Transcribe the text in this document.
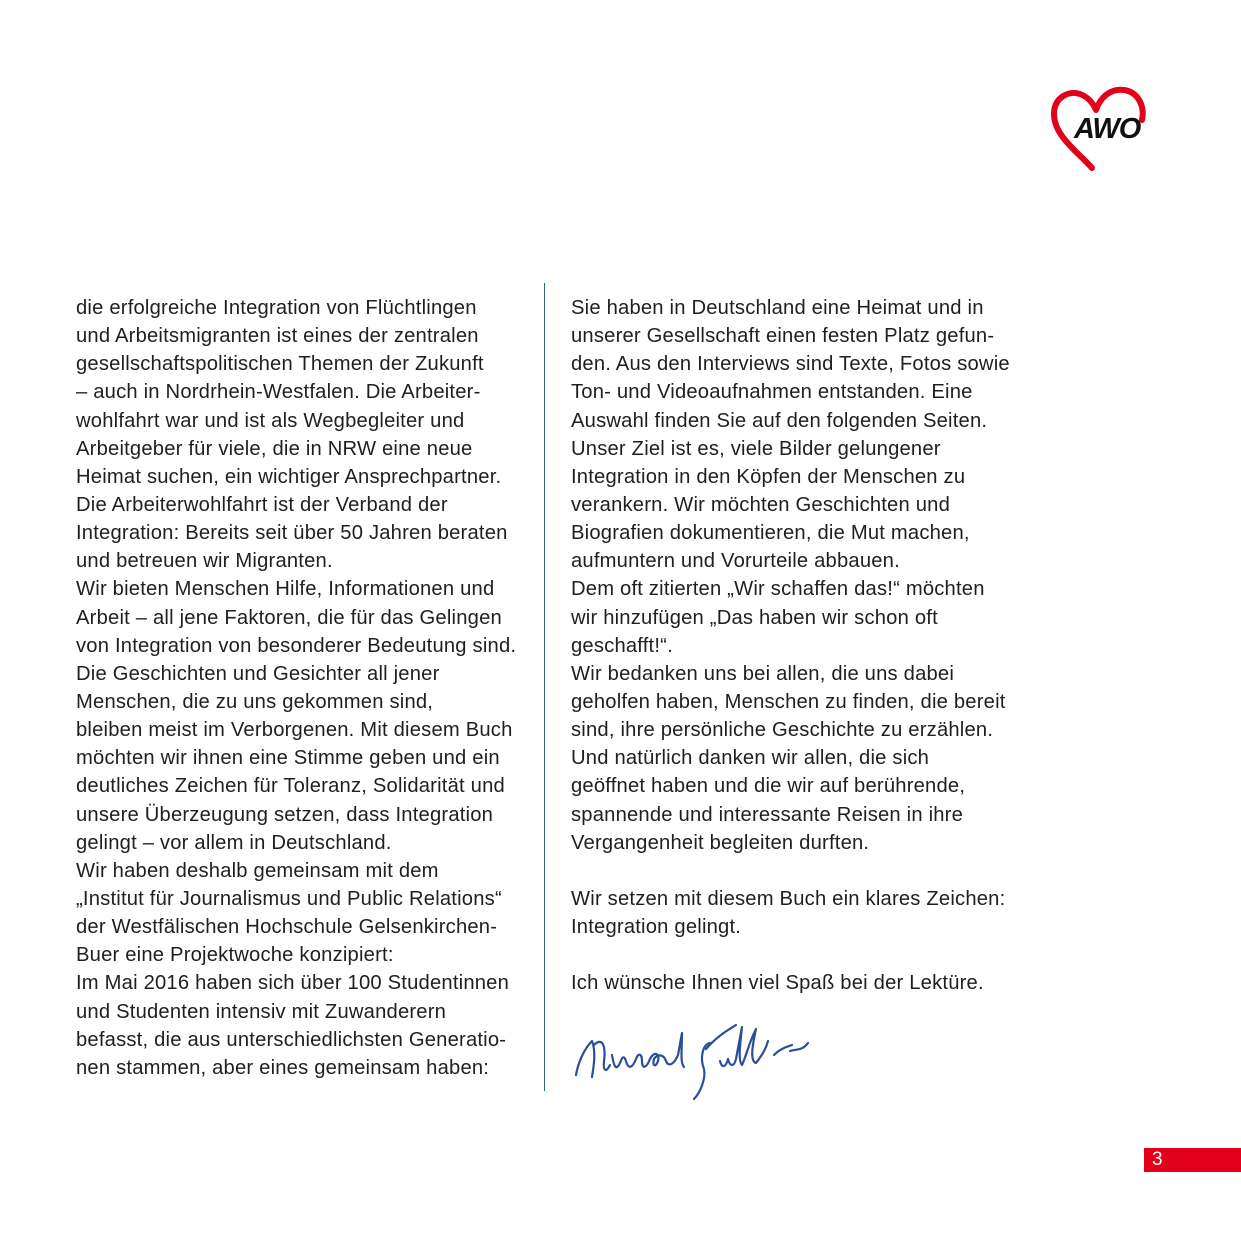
AWO
die erfolgreiche Integration von Flüchtlingen
und Arbeitsmigranten ist eines der zentralen
gesellschaftspolitischen Themen der Zukunft
– auch in Nordrhein-Westfalen. Die Arbeiter-
wohlfahrt war und ist als Wegbegleiter und
Arbeitgeber für viele, die in NRW eine neue
Heimat suchen, ein wichtiger Ansprechpartner.
Die Arbeiterwohlfahrt ist der Verband der
Integration: Bereits seit über 50 Jahren beraten
und betreuen wir Migranten.
Wir bieten Menschen Hilfe, Informationen und
Arbeit – all jene Faktoren, die für das Gelingen
von Integration von besonderer Bedeutung sind.
Die Geschichten und Gesichter all jener
Menschen, die zu uns gekommen sind,
bleiben meist im Verborgenen. Mit diesem Buch
möchten wir ihnen eine Stimme geben und ein
deutliches Zeichen für Toleranz, Solidarität und
unsere Überzeugung setzen, dass Integration
gelingt – vor allem in Deutschland.
Wir haben deshalb gemeinsam mit dem
„Institut für Journalismus und Public Relations“
der Westfälischen Hochschule Gelsenkirchen-
Buer eine Projektwoche konzipiert:
Im Mai 2016 haben sich über 100 Studentinnen
und Studenten intensiv mit Zuwanderern
befasst, die aus unterschiedlichsten Generatio-
nen stammen, aber eines gemeinsam haben:
Sie haben in Deutschland eine Heimat und in
unserer Gesellschaft einen festen Platz gefun-
den. Aus den Interviews sind Texte, Fotos sowie
Ton- und Videoaufnahmen entstanden. Eine
Auswahl finden Sie auf den folgenden Seiten.
Unser Ziel ist es, viele Bilder gelungener
Integration in den Köpfen der Menschen zu
verankern. Wir möchten Geschichten und
Biografien dokumentieren, die Mut machen,
aufmuntern und Vorurteile abbauen.
Dem oft zitierten „Wir schaffen das!“ möchten
wir hinzufügen „Das haben wir schon oft
geschafft!“.
Wir bedanken uns bei allen, die uns dabei
geholfen haben, Menschen zu finden, die bereit
sind, ihre persönliche Geschichte zu erzählen.
Und natürlich danken wir allen, die sich
geöffnet haben und die wir auf berührende,
spannende und interessante Reisen in ihre
Vergangenheit begleiten durften.
Wir setzen mit diesem Buch ein klares Zeichen:
Integration gelingt.
Ich wünsche Ihnen viel Spaß bei der Lektüre.
3
